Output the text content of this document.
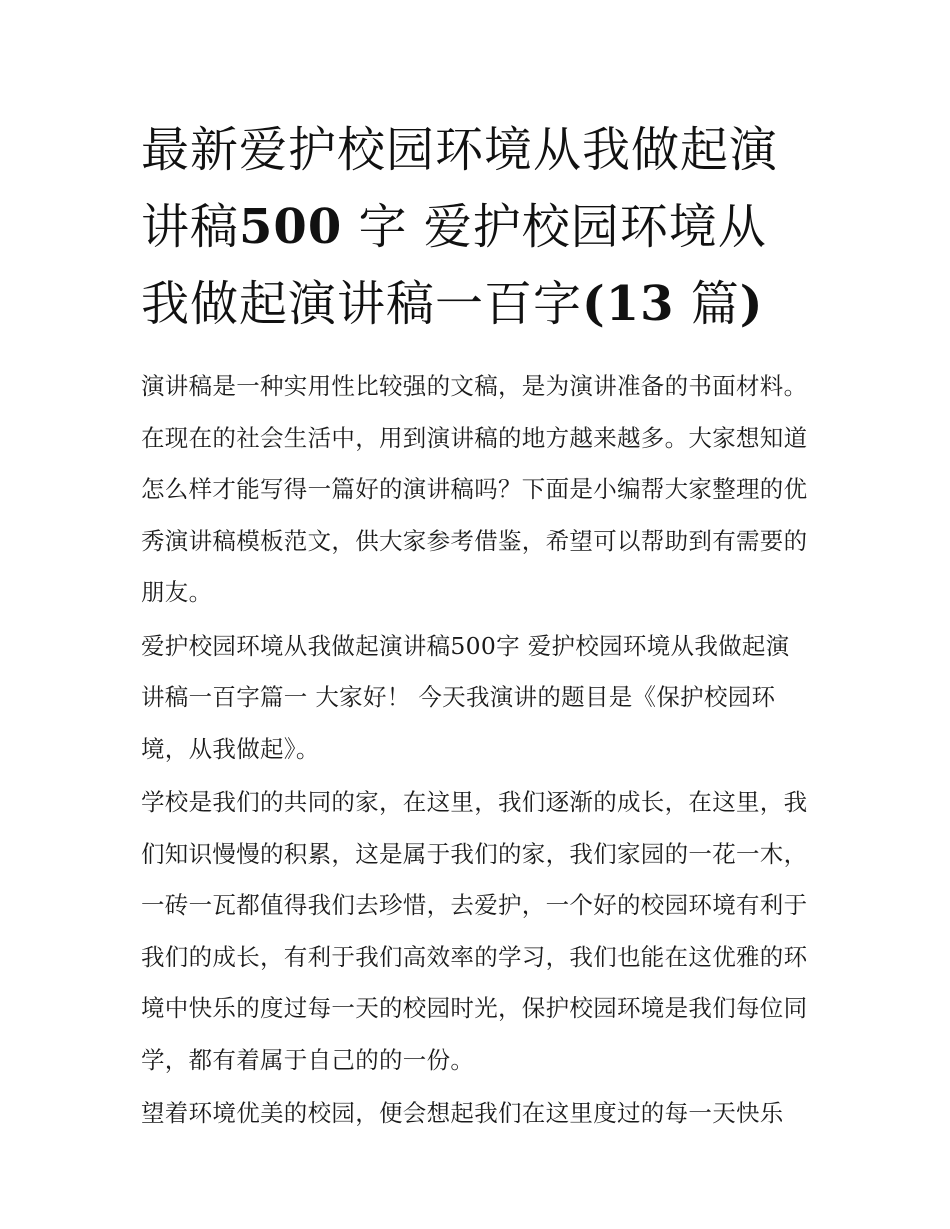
最新爱护校园环境从我做起演讲稿500 字 爱护校园环境从我做起演讲稿一百字(13 篇)

演讲稿是一种实用性比较强的文稿，是为演讲准备的书面材料。在现在的社会生活中，用到演讲稿的地方越来越多。大家想知道怎么样才能写得一篇好的演讲稿吗？下面是小编帮大家整理的优秀演讲稿模板范文，供大家参考借鉴，希望可以帮助到有需要的朋友。

爱护校园环境从我做起演讲稿500字 爱护校园环境从我做起演讲稿一百字篇一 大家好！ 今天我演讲的题目是《保护校园环境，从我做起》。

学校是我们的共同的家，在这里，我们逐渐的成长，在这里，我们知识慢慢的积累，这是属于我们的家，我们家园的一花一木，一砖一瓦都值得我们去珍惜，去爱护，一个好的校园环境有利于我们的成长，有利于我们高效率的学习，我们也能在这优雅的环境中快乐的度过每一天的校园时光，保护校园环境是我们每位同学，都有着属于自己的的一份。

望着环境优美的校园，便会想起我们在这里度过的每一天快乐
